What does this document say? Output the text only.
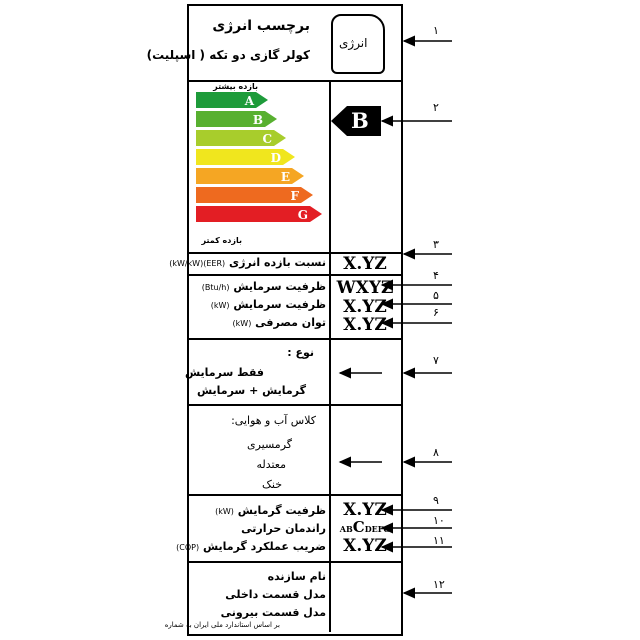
برچسب انرژی
کولر گازی دو تکه ( اسپلیت)
انرژی
بازده بیشتر
بازده کمتر
A
B
C
D
E
F
G
B
نسبت بازده انرژی (EER)(kW/kW)	X.YZ
ظرفیت سرمایش (Btu/h)	WXYZ
ظرفیت سرمایش (kW)	X.YZ
توان مصرفی (kW)	X.YZ
نوع :
فقط سرمایش
گرمایش + سرمایش
کلاس آب و هوایی:
گرمسیری
معتدله
خنک
ظرفیت گرمایش (kW)	X.YZ
راندمان حرارتی	ABCDEFG
ضریب عملکرد گرمایش (COP)	X.YZ
نام سازنده
مدل قسمت داخلی
مدل قسمت بیرونی
بر اساس استاندارد ملی ایران به شماره
۱
۲
۳
۴
۵
۶
۷
۸
۹
۱۰
۱۱
۱۲
